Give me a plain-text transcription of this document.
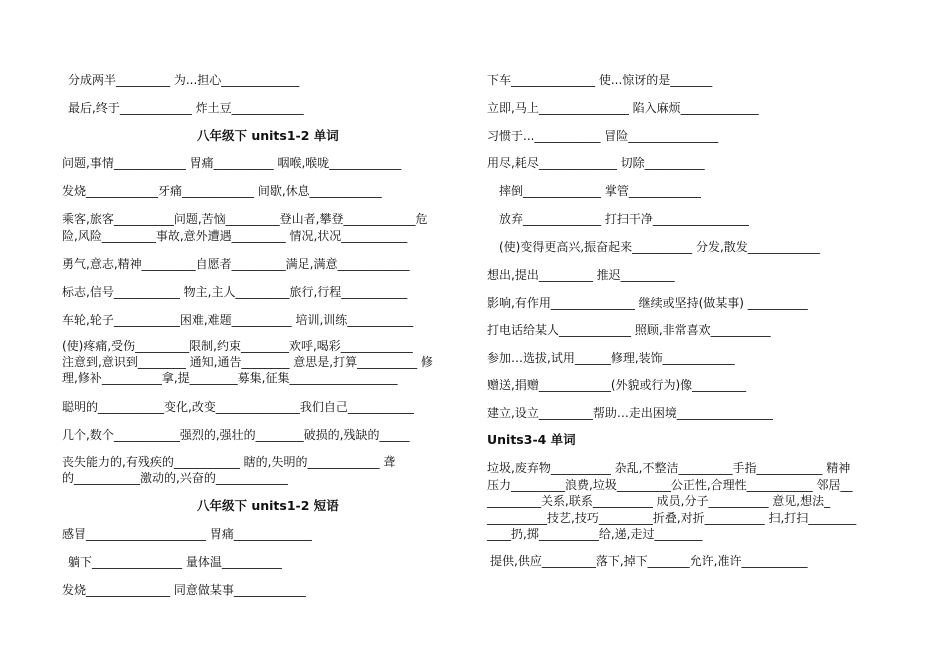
分成两半_________ 为...担心_____________
最后,终于____________ 炸土豆____________
八年级下 units1-2 单词
问题,事情____________ 胃痛__________ 咽喉,喉咙____________
发烧____________牙痛____________ 间歇,休息____________
乘客,旅客__________问题,苦恼_________登山者,攀登____________危
险,风险_________事故,意外遭遇_________ 情况,状况___________
勇气,意志,精神_________自愿者_________满足,满意____________
标志,信号___________ 物主,主人_________旅行,行程___________
车轮,轮子___________困难,难题__________ 培训,训练___________
(使)疼痛,受伤_________限制,约束________欢呼,喝彩____________
注意到,意识到________ 通知,通告________ 意思是,打算__________ 修
理,修补__________拿,提________募集,征集__________________
聪明的___________变化,改变______________我们自己___________
几个,数个___________强烈的,强壮的________破损的,残缺的_____
丧失能力的,有残疾的___________ 瞎的,失明的____________ 聋
的___________激动的,兴奋的____________
八年级下 units1-2 短语
感冒____________________ 胃痛_____________
躺下_______________ 量体温__________
发烧______________ 同意做某事____________
下车______________ 使...惊讶的是_______
立即,马上_______________ 陷入麻烦_____________
习惯于...___________ 冒险_______________
用尽,耗尽_____________ 切除__________
摔倒_____________ 掌管____________
放弃_____________ 打扫干净________________
(使)变得更高兴,振奋起来__________ 分发,散发____________
想出,提出_________ 推迟_________
影响,有作用______________ 继续或坚持(做某事) __________
打电话给某人____________ 照顾,非常喜欢__________
参加…选拔,试用______修理,装饰____________
赠送,捐赠____________(外貌或行为)像_________
建立,设立_________帮助…走出困境________________
Units3-4 单词
垃圾,废弃物__________ 杂乱,不整洁_________手指___________ 精神
压力_________浪费,垃圾_________公正性,合理性___________ 邻居__
_________关系,联系__________ 成员,分子__________ 意见,想法_
__________技艺,技巧_________折叠,对折__________ 扫,打扫________
____扔,掷__________给,递,走过________
提供,供应_________落下,掉下_______允许,准许___________
